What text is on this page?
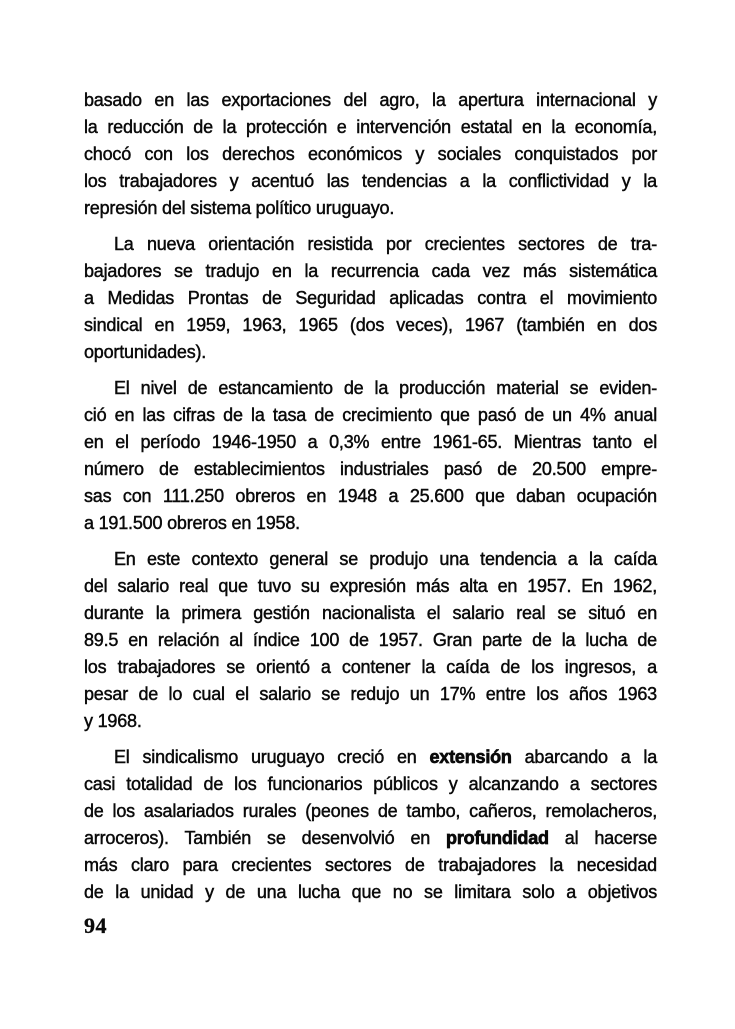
basado en las exportaciones del agro, la apertura internacional y
la reducción de la protección e intervención estatal en la economía,
chocó con los derechos económicos y sociales conquistados por
los trabajadores y acentuó las tendencias a la conflictividad y la
represión del sistema político uruguayo.
La nueva orientación resistida por crecientes sectores de tra-
bajadores se tradujo en la recurrencia cada vez más sistemática
a Medidas Prontas de Seguridad aplicadas contra el movimiento
sindical en 1959, 1963, 1965 (dos veces), 1967 (también en dos
oportunidades).
El nivel de estancamiento de la producción material se eviden-
ció en las cifras de la tasa de crecimiento que pasó de un 4% anual
en el período 1946-1950 a 0,3% entre 1961-65. Mientras tanto el
número de establecimientos industriales pasó de 20.500 empre-
sas con 111.250 obreros en 1948 a 25.600 que daban ocupación
a 191.500 obreros en 1958.
En este contexto general se produjo una tendencia a la caída
del salario real que tuvo su expresión más alta en 1957. En 1962,
durante la primera gestión nacionalista el salario real se situó en
89.5 en relación al índice 100 de 1957. Gran parte de la lucha de
los trabajadores se orientó a contener la caída de los ingresos, a
pesar de lo cual el salario se redujo un 17% entre los años 1963
y 1968.
El sindicalismo uruguayo creció en extensión abarcando a la
casi totalidad de los funcionarios públicos y alcanzando a sectores
de los asalariados rurales (peones de tambo, cañeros, remolacheros,
arroceros). También se desenvolvió en profundidad al hacerse
más claro para crecientes sectores de trabajadores la necesidad
de la unidad y de una lucha que no se limitara solo a objetivos
94
